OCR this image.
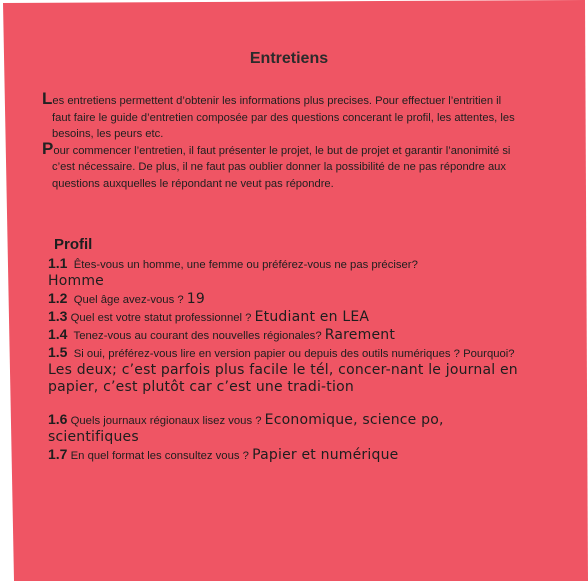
Entretiens

Les entretiens permettent d’obtenir les informations plus precises. Pour effectuer l’entritien il faut faire le guide d’entretien composée par des questions concerant le profil, les attentes, les besoins, les peurs etc.

Pour commencer l’entretien, il faut présenter le projet, le but de projet et garantir l’anonimité si c’est nécessaire. De plus, il ne faut pas oublier donner la possibilité de ne pas répondre aux questions auxquelles le répondant ne veut pas répondre.

Profil

1.1 Êtes-vous un homme, une femme ou préférez-vous ne pas préciser?
Homme

1.2 Quel âge avez-vous ? 19

1.3 Quel est votre statut professionnel ? Etudiant en LEA

1.4 Tenez-vous au courant des nouvelles régionales? Rarement

1.5 Si oui, préférez-vous lire en version papier ou depuis des outils numériques ? Pourquoi? Les deux; c’est parfois plus facile le tél, concer-nant le journal en papier, c’est plutôt car c’est une tradi-tion

1.6 Quels journaux régionaux lisez vous ? Economique, science po, scientifiques

1.7 En quel format les consultez vous ? Papier et numérique
